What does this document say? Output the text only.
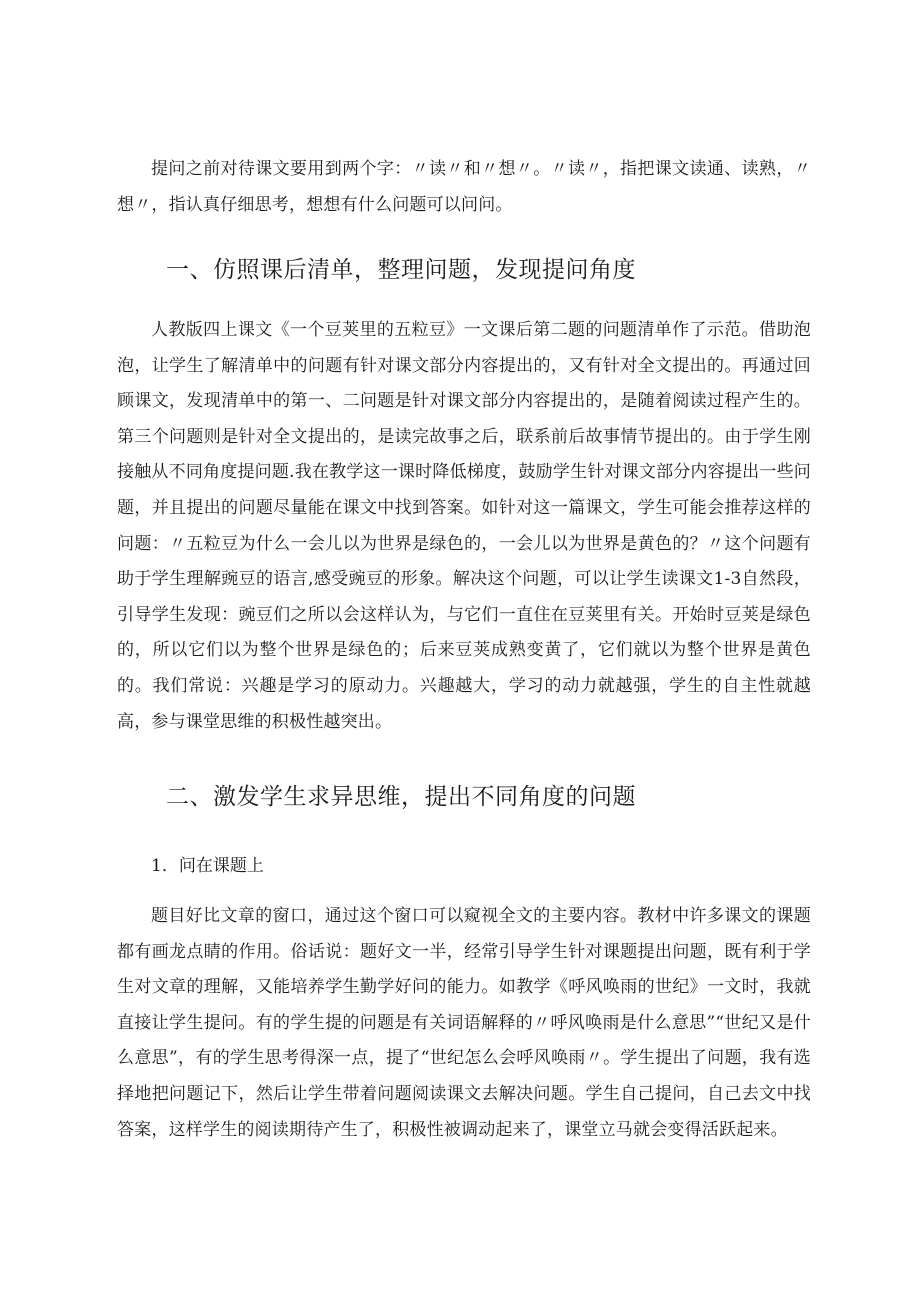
提问之前对待课文要用到两个字：〃读〃和〃想〃。〃读〃，指把课文读通、读熟，〃想〃，指认真仔细思考，想想有什么问题可以问问。

一、仿照课后清单，整理问题，发现提问角度

人教版四上课文《一个豆荚里的五粒豆》一文课后第二题的问题清单作了示范。借助泡泡，让学生了解清单中的问题有针对课文部分内容提出的，又有针对全文提出的。再通过回顾课文，发现清单中的第一、二问题是针对课文部分内容提出的，是随着阅读过程产生的。第三个问题则是针对全文提出的，是读完故事之后，联系前后故事情节提出的。由于学生刚接触从不同角度提问题.我在教学这一课时降低梯度，鼓励学生针对课文部分内容提出一些问题，并且提出的问题尽量能在课文中找到答案。如针对这一篇课文，学生可能会推荐这样的问题：〃五粒豆为什么一会儿以为世界是绿色的，一会儿以为世界是黄色的？〃这个问题有助于学生理解豌豆的语言,感受豌豆的形象。解决这个问题，可以让学生读课文1-3自然段，引导学生发现：豌豆们之所以会这样认为，与它们一直住在豆荚里有关。开始时豆荚是绿色的，所以它们以为整个世界是绿色的；后来豆荚成熟变黄了，它们就以为整个世界是黄色的。我们常说：兴趣是学习的原动力。兴趣越大，学习的动力就越强，学生的自主性就越高，参与课堂思维的积极性越突出。

二、激发学生求异思维，提出不同角度的问题
1．问在课题上

题目好比文章的窗口，通过这个窗口可以窥视全文的主要内容。教材中许多课文的课题都有画龙点睛的作用。俗话说：题好文一半，经常引导学生针对课题提出问题，既有利于学生对文章的理解，又能培养学生勤学好问的能力。如教学《呼风唤雨的世纪》一文时，我就直接让学生提问。有的学生提的问题是有关词语解释的〃呼风唤雨是什么意思”“世纪又是什么意思”，有的学生思考得深一点，提了“世纪怎么会呼风唤雨〃。学生提出了问题，我有选择地把问题记下，然后让学生带着问题阅读课文去解决问题。学生自己提问，自己去文中找答案，这样学生的阅读期待产生了，积极性被调动起来了，课堂立马就会变得活跃起来。
